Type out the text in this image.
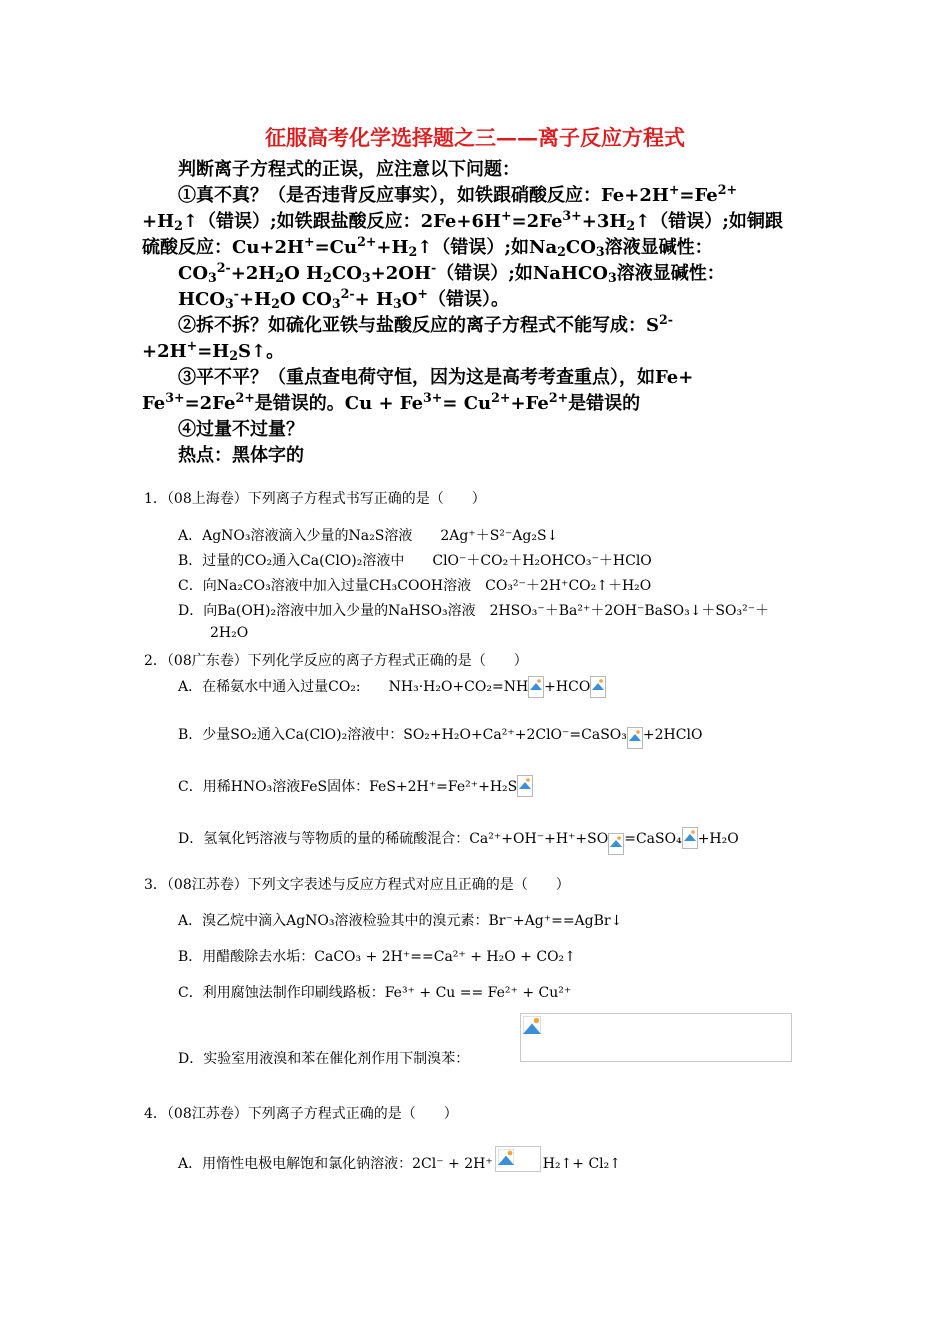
征服高考化学选择题之三——离子反应方程式
判断离子方程式的正误，应注意以下问题：
①真不真？（是否违背反应事实），如铁跟硝酸反应：$Fe+2H^+=Fe^{2+}$
$+H_2↑$（错误）;如铁跟盐酸反应：$2Fe+6H^+=2Fe^{3+}+3H_2↑$（错误）;如铜跟
硫酸反应：$Cu+2H^+=Cu^{2+}+H_2↑$（错误）;如$Na_2CO_3$溶液显碱性：
$CO_3^{2-}+2H_2O$ $H_2CO_3+2OH^-$（错误）;如NaHCO$_3$溶液显碱性：
$HCO_3^-+H_2O$ $CO_3^{2-}+ H_3O^+$（错误）。
②拆不拆？如硫化亚铁与盐酸反应的离子方程式不能写成：$S^{2-}$
$+2H^+=H_2S↑$。
③平不平？（重点查电荷守恒，因为这是高考考查重点），如Fe+
$Fe^{3+}=2Fe^{2+}$是错误的。$Cu + Fe^{3+}= Cu^{2+}+Fe^{2+}$是错误的
④过量不过量？
热点：黑体字的
1．（08上海卷）下列离子方程式书写正确的是（　　）
A．AgNO₃溶液滴入少量的Na₂S溶液　　2Ag⁺＋S²⁻Ag₂S↓
B．过量的CO₂通入Ca(ClO)₂溶液中　　ClO⁻＋CO₂＋H₂OHCO₃⁻＋HClO
C．向Na₂CO₃溶液中加入过量CH₃COOH溶液　CO₃²⁻＋2H⁺CO₂↑＋H₂O
D．向Ba(OH)₂溶液中加入少量的NaHSO₃溶液　2HSO₃⁻＋Ba²⁺＋2OH⁻BaSO₃↓＋SO₃²⁻＋
2H₂O
2．（08广东卷）下列化学反应的离子方程式正确的是（　　）
A．在稀氨水中通入过量CO₂:　　NH₃·H₂O+CO₂=NH +HCO
B．少量SO₂通入Ca(ClO)₂溶液中：SO₂+H₂O+Ca²⁺+2ClO⁻=CaSO₃ +2HClO
C．用稀HNO₃溶液FeS固体：FeS+2H⁺=Fe²⁺+H₂S
D．氢氧化钙溶液与等物质的量的稀硫酸混合：Ca²⁺+OH⁻+H⁺+SO =CaSO₄ +H₂O
3．（08江苏卷）下列文字表述与反应方程式对应且正确的是（　　）
A．溴乙烷中滴入AgNO₃溶液检验其中的溴元素：Br⁻+Ag⁺==AgBr↓
B．用醋酸除去水垢：CaCO₃ + 2H⁺==Ca²⁺ + H₂O + CO₂↑
C．利用腐蚀法制作印刷线路板：Fe³⁺ + Cu == Fe²⁺ + Cu²⁺
D．实验室用液溴和苯在催化剂作用下制溴苯：
4．（08江苏卷）下列离子方程式正确的是（　　）
A．用惰性电极电解饱和氯化钠溶液：2Cl⁻ + 2H⁺	H₂↑+ Cl₂↑
